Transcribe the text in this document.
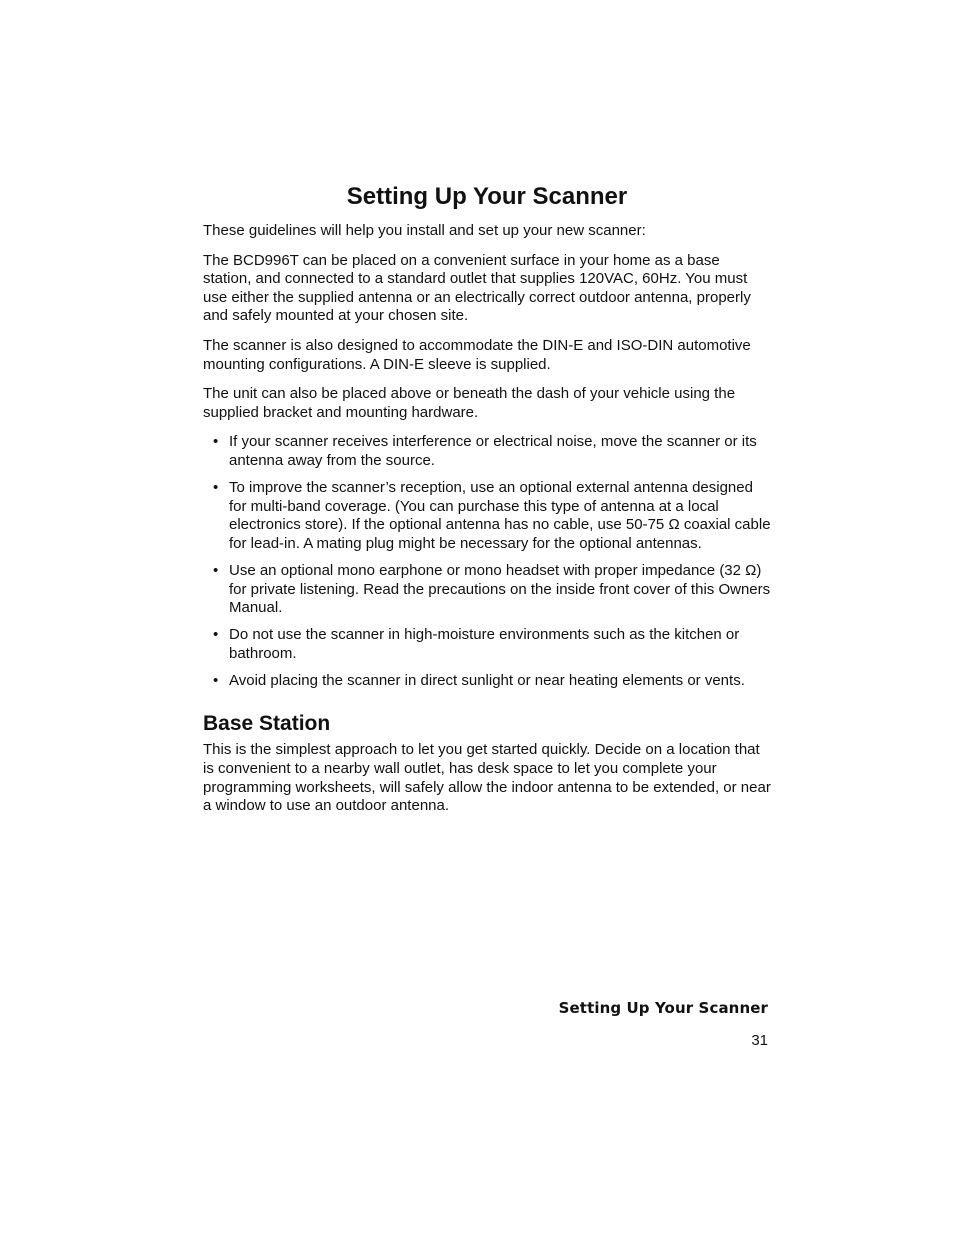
Setting Up Your Scanner

These guidelines will help you install and set up your new scanner:

The BCD996T can be placed on a convenient surface in your home as a base station, and connected to a standard outlet that supplies 120VAC, 60Hz. You must use either the supplied antenna or an electrically correct outdoor antenna, properly and safely mounted at your chosen site.

The scanner is also designed to accommodate the DIN-E and ISO-DIN automotive mounting configurations. A DIN-E sleeve is supplied.

The unit can also be placed above or beneath the dash of your vehicle using the supplied bracket and mounting hardware.

• If your scanner receives interference or electrical noise, move the scanner or its antenna away from the source.
• To improve the scanner’s reception, use an optional external antenna designed for multi-band coverage. (You can purchase this type of antenna at a local electronics store). If the optional antenna has no cable, use 50-75 Ω coaxial cable for lead-in. A mating plug might be necessary for the optional antennas.
• Use an optional mono earphone or mono headset with proper impedance (32 Ω) for private listening. Read the precautions on the inside front cover of this Owners Manual.
• Do not use the scanner in high-moisture environments such as the kitchen or bathroom.
• Avoid placing the scanner in direct sunlight or near heating elements or vents.
Base Station

This is the simplest approach to let you get started quickly. Decide on a location that is convenient to a nearby wall outlet, has desk space to let you complete your programming worksheets, will safely allow the indoor antenna to be extended, or near a window to use an outdoor antenna.

Setting Up Your Scanner
31
